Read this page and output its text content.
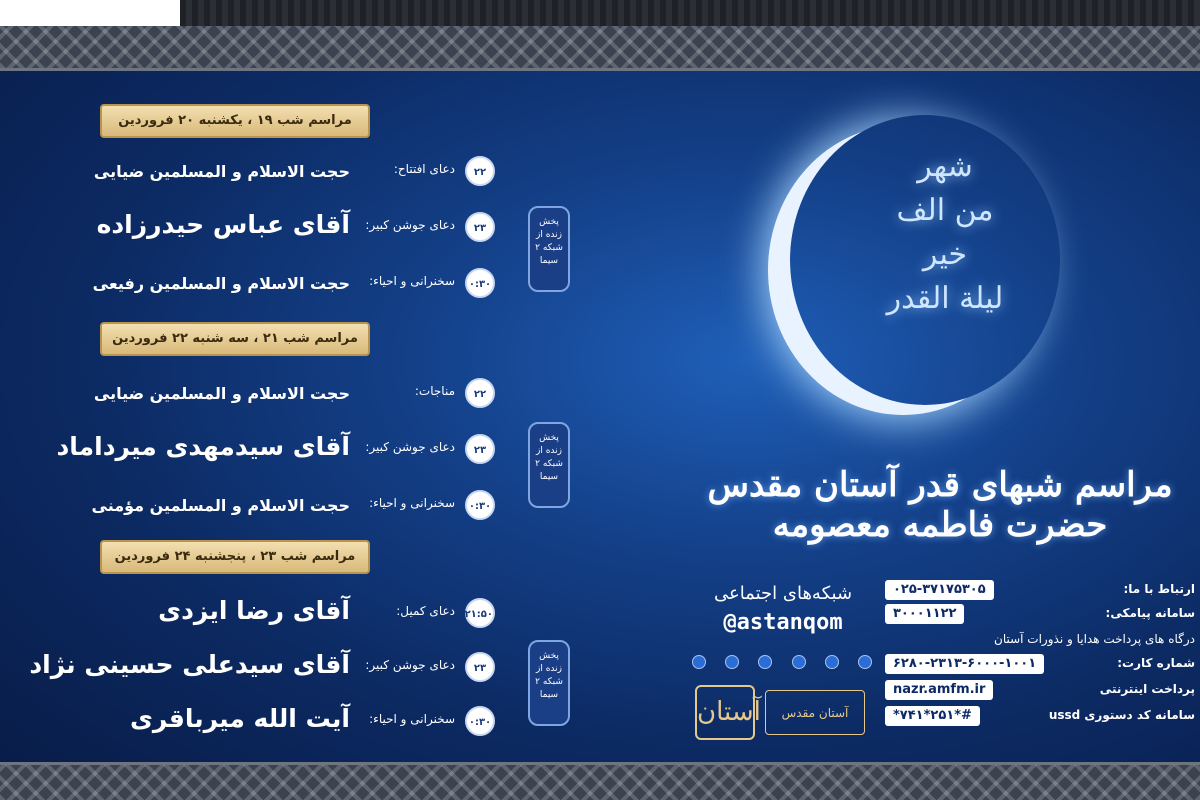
شهر
من الف
خير
ليلة القدر
مراسم شبهای قدر آستان مقدس حضرت فاطمه معصومه
مراسم شب ۱۹ ، یکشنبه ۲۰ فروردین
۲۲
دعای افتتاح:
حجت الاسلام و المسلمین ضیایی
۲۳
دعای جوشن کبیر:
آقای عباس حیدرزاده
۰:۳۰
سخنرانی و احیاء:
حجت الاسلام و المسلمین رفیعی
پخش زنده از شبکه ۲ سیما
مراسم شب ۲۱ ، سه شنبه ۲۲ فروردین
۲۲
مناجات:
حجت الاسلام و المسلمین ضیایی
۲۳
دعای جوشن کبیر:
آقای سیدمهدی میرداماد
۰:۳۰
سخنرانی و احیاء:
حجت الاسلام و المسلمین مؤمنی
پخش زنده از شبکه ۲ سیما
مراسم شب ۲۳ ، پنجشنبه ۲۴ فروردین
۲۱:۵۰
دعای کمیل:
آقای رضا ایزدی
۲۳
دعای جوشن کبیر:
آقای سیدعلی حسینی نژاد
۰:۳۰
سخنرانی و احیاء:
آیت الله میرباقری
پخش زنده از شبکه ۲ سیما
شبکه‌های اجتماعی
@astanqom
آستان	آستان مقدس
ارتباط با ما:
۰۲۵-۳۷۱۷۵۳۰۵
سامانه پیامکی:
۳۰۰۰۱۱۲۲
درگاه های پرداخت هدایا و نذورات آستان
شماره کارت:
۶۲۸۰-۲۳۱۳-۶۰۰۰-۱۰۰۱
پرداخت اینترنتی
nazr.amfm.ir
سامانه کد دستوری ussd
*۷۴۱*۲۵۱*#
